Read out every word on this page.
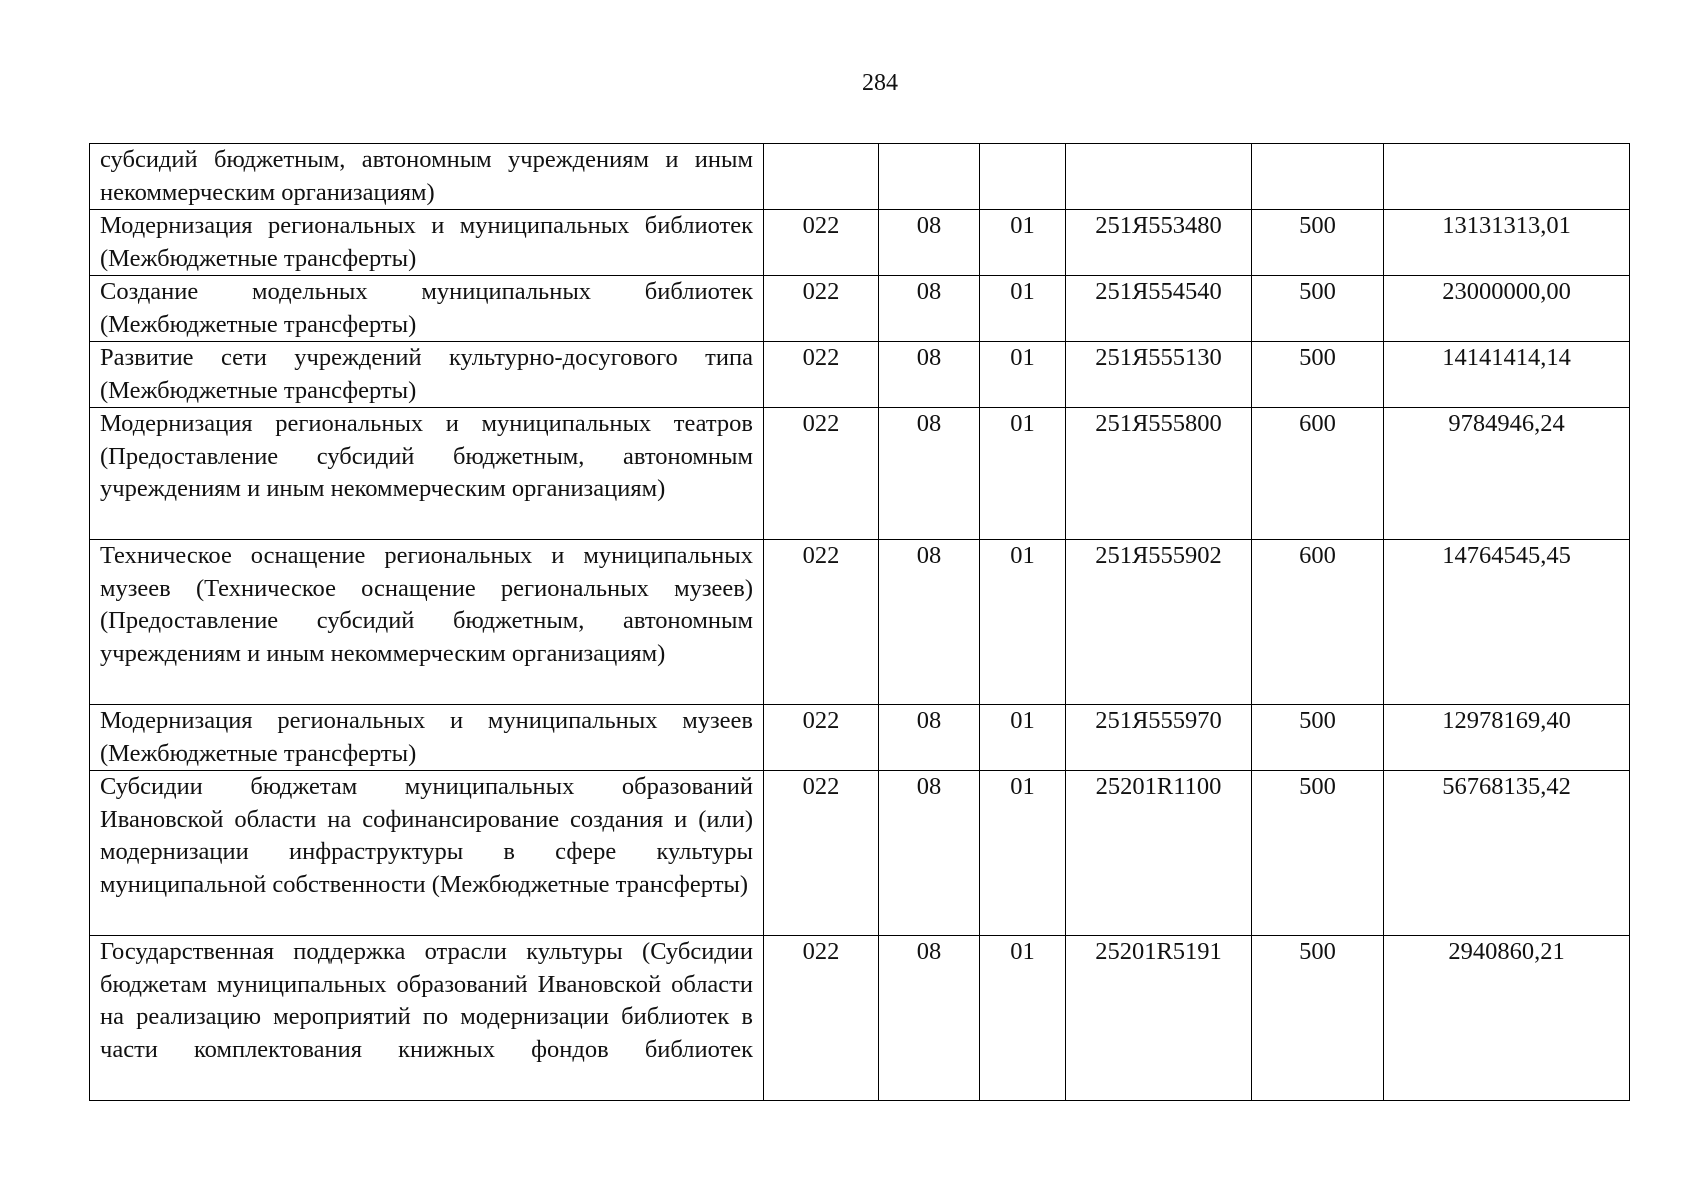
284
субсидий бюджетным, автономным учреждениям и иным некоммерческим организациям)						
Модернизация региональных и муниципальных библиотек (Межбюджетные трансферты)	022	08	01	251Я553480	500	13131313,01
Создание модельных муниципальных библиотек (Межбюджетные трансферты)	022	08	01	251Я554540	500	23000000,00
Развитие сети учреждений культурно-досугового типа (Межбюджетные трансферты)	022	08	01	251Я555130	500	14141414,14
Модернизация региональных и муниципальных театров (Предоставление субсидий бюджетным, автономным учреждениям и иным некоммерческим организациям)	022	08	01	251Я555800	600	9784946,24
Техническое оснащение региональных и муниципальных музеев (Техническое оснащение региональных музеев) (Предоставление субсидий бюджетным, автономным учреждениям и иным некоммерческим организациям)	022	08	01	251Я555902	600	14764545,45
Модернизация региональных и муниципальных музеев (Межбюджетные трансферты)	022	08	01	251Я555970	500	12978169,40
Субсидии бюджетам муниципальных образований Ивановской области на софинансирование создания и (или) модернизации инфраструктуры в сфере культуры муниципальной собственности (Межбюджетные трансферты)	022	08	01	25201R1100	500	56768135,42
Государственная поддержка отрасли культуры (Субсидии бюджетам муниципальных образований Ивановской области на реализацию мероприятий по модернизации библиотек в части комплектования книжных фондов библиотек	022	08	01	25201R5191	500	2940860,21
